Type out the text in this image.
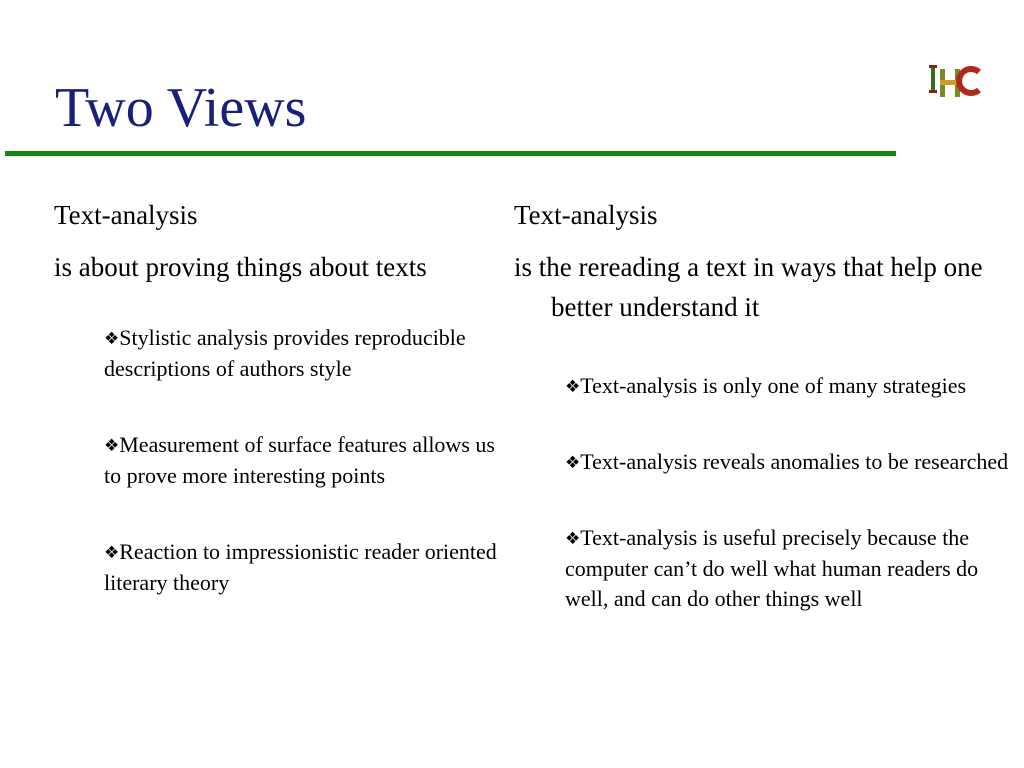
Two Views

Text-analysis

is about proving things about texts

❖Stylistic analysis provides reproducible descriptions of authors style
❖Measurement of surface features allows us to prove more interesting points
❖Reaction to impressionistic reader oriented literary theory

Text-analysis

is the rereading a text in ways that help one better understand it

❖Text-analysis is only one of many strategies
❖Text-analysis reveals anomalies to be researched
❖Text-analysis is useful precisely because the computer can’t do well what human readers do well, and can do other things well
